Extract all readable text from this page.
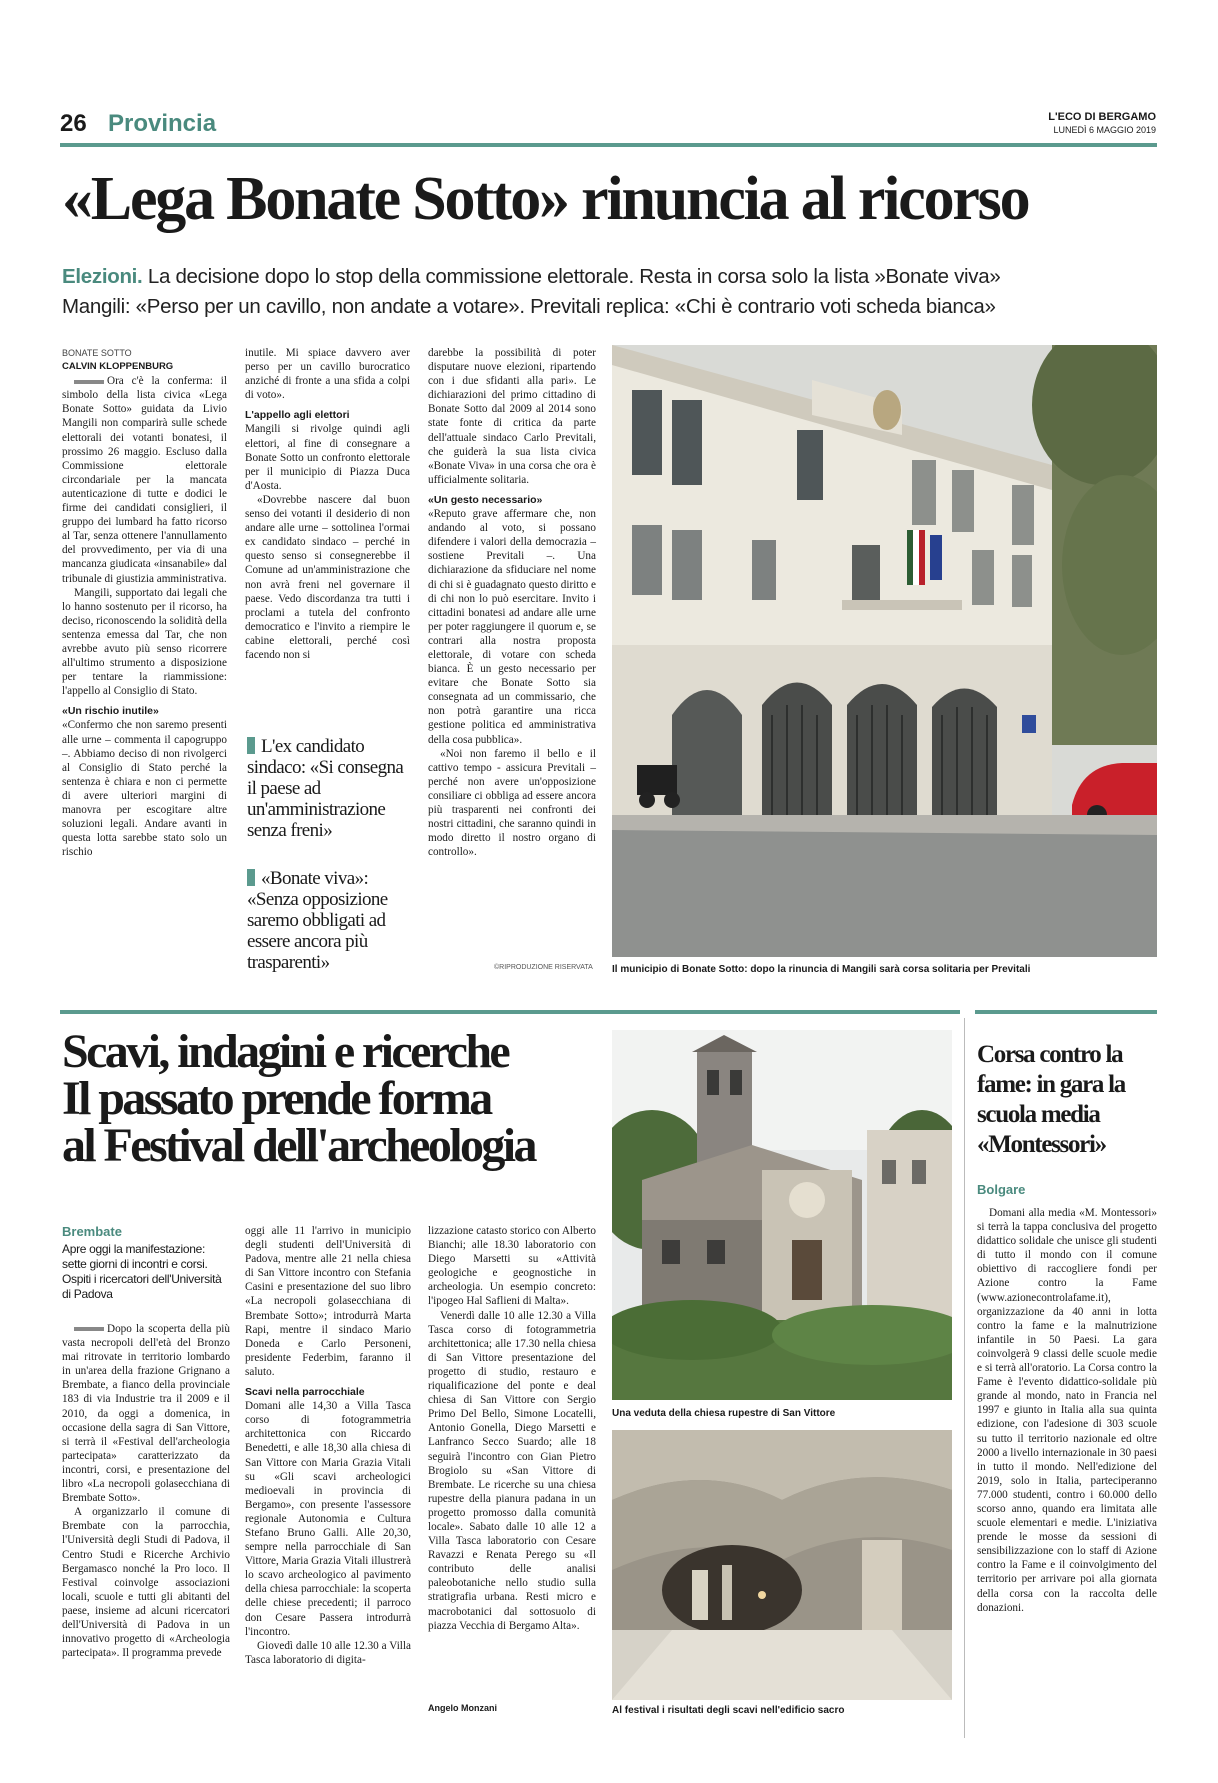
26 Provincia	L'ECO DI BERGAMO
LUNEDÌ 6 MAGGIO 2019
«Lega Bonate Sotto» rinuncia al ricorso
Elezioni. La decisione dopo lo stop della commissione elettorale. Resta in corsa solo la lista »Bonate viva»
Mangili: «Perso per un cavillo, non andate a votare». Previtali replica: «Chi è contrario voti scheda bianca»
BONATE SOTTO
CALVIN KLOPPENBURG

Ora c'è la conferma: il simbolo della lista civica «Lega Bonate Sotto» guidata da Livio Mangili non comparirà sulle schede elettorali dei votanti bonatesi, il prossimo 26 maggio. Escluso dalla Commissione elettorale circondariale per la mancata autenticazione di tutte e dodici le firme dei candidati consiglieri, il gruppo dei lumbard ha fatto ricorso al Tar, senza ottenere l'annullamento del provvedimento, per via di una mancanza giudicata «insanabile» dal tribunale di giustizia amministrativa.

Mangili, supportato dai legali che lo hanno sostenuto per il ricorso, ha deciso, riconoscendo la solidità della sentenza emessa dal Tar, che non avrebbe avuto più senso ricorrere all'ultimo strumento a disposizione per tentare la riammissione: l'appello al Consiglio di Stato.

«Un rischio inutile»

«Confermo che non saremo presenti alle urne – commenta il capogruppo –. Abbiamo deciso di non rivolgerci al Consiglio di Stato perché la sentenza è chiara e non ci permette di avere ulteriori margini di manovra per escogitare altre soluzioni legali. Andare avanti in questa lotta sarebbe stato solo un rischio

inutile. Mi spiace davvero aver perso per un cavillo burocratico anziché di fronte a una sfida a colpi di voto».

L'appello agli elettori

Mangili si rivolge quindi agli elettori, al fine di consegnare a Bonate Sotto un confronto elettorale per il municipio di Piazza Duca d'Aosta.

«Dovrebbe nascere dal buon senso dei votanti il desiderio di non andare alle urne – sottolinea l'ormai ex candidato sindaco – perché in questo senso si consegnerebbe il Comune ad un'amministrazione che non avrà freni nel governare il paese. Vedo discordanza tra tutti i proclami a tutela del confronto democratico e l'invito a riempire le cabine elettorali, perché così facendo non si

L'ex candidato sindaco: «Si consegna il paese ad un'amministrazione senza freni»
«Bonate viva»: «Senza opposizione saremo obbligati ad essere ancora più trasparenti»

darebbe la possibilità di poter disputare nuove elezioni, ripartendo con i due sfidanti alla pari». Le dichiarazioni del primo cittadino di Bonate Sotto dal 2009 al 2014 sono state fonte di critica da parte dell'attuale sindaco Carlo Previtali, che guiderà la sua lista civica «Bonate Viva» in una corsa che ora è ufficialmente solitaria.

«Un gesto necessario»

«Reputo grave affermare che, non andando al voto, si possano difendere i valori della democrazia – sostiene Previtali –. Una dichiarazione da sfiduciare nel nome di chi si è guadagnato questo diritto e di chi non lo può esercitare. Invito i cittadini bonatesi ad andare alle urne per poter raggiungere il quorum e, se contrari alla nostra proposta elettorale, di votare con scheda bianca. È un gesto necessario per evitare che Bonate Sotto sia consegnata ad un commissario, che non potrà garantire una ricca gestione politica ed amministrativa della cosa pubblica».

«Noi non faremo il bello e il cattivo tempo - assicura Previtali – perché non avere un'opposizione consiliare ci obbliga ad essere ancora più trasparenti nei confronti dei nostri cittadini, che saranno quindi in modo diretto il nostro organo di controllo».

©RIPRODUZIONE RISERVATA Il municipio di Bonate Sotto: dopo la rinuncia di Mangili sarà corsa solitaria per Previtali
Scavi, indagini e ricerche
Il passato prende forma
al Festival dell'archeologia
Brembate
Apre oggi la manifestazione: sette giorni di incontri e corsi. Ospiti i ricercatori dell'Università di Padova

Dopo la scoperta della più vasta necropoli dell'età del Bronzo mai ritrovate in territorio lombardo in un'area della frazione Grignano a Brembate, a fianco della provinciale 183 di via Industrie tra il 2009 e il 2010, da oggi a domenica, in occasione della sagra di San Vittore, si terrà il «Festival dell'archeologia partecipata» caratterizzato da incontri, corsi, e presentazione del libro «La necropoli golasecchiana di Brembate Sotto».

A organizzarlo il comune di Brembate con la parrocchia, l'Università degli Studi di Padova, il Centro Studi e Ricerche Archivio Bergamasco nonché la Pro loco. Il Festival coinvolge associazioni locali, scuole e tutti gli abitanti del paese, insieme ad alcuni ricercatori dell'Università di Padova in un innovativo progetto di «Archeologia partecipata». Il programma prevede

oggi alle 11 l'arrivo in municipio degli studenti dell'Università di Padova, mentre alle 21 nella chiesa di San Vittore incontro con Stefania Casini e presentazione del suo libro «La necropoli golasecchiana di Brembate Sotto»; introdurrà Marta Rapi, mentre il sindaco Mario Doneda e Carlo Personeni, presidente Federbim, faranno il saluto.

Scavi nella parrocchiale

Domani alle 14,30 a Villa Tasca corso di fotogrammetria architettonica con Riccardo Benedetti, e alle 18,30 alla chiesa di San Vittore con Maria Grazia Vitali su «Gli scavi archeologici medioevali in provincia di Bergamo», con presente l'assessore regionale Autonomia e Cultura Stefano Bruno Galli. Alle 20,30, sempre nella parrocchiale di San Vittore, Maria Grazia Vitali illustrerà lo scavo archeologico al pavimento della chiesa parrocchiale: la scoperta delle chiese precedenti; il parroco don Cesare Passera introdurrà l'incontro.

Giovedì dalle 10 alle 12.30 a Villa Tasca laboratorio di digita-

lizzazione catasto storico con Alberto Bianchi; alle 18.30 laboratorio con Diego Marsetti su «Attività geologiche e geognostiche in archeologia. Un esempio concreto: l'ipogeo Hal Saflieni di Malta».

Venerdì dalle 10 alle 12.30 a Villa Tasca corso di fotogrammetria architettonica; alle 17.30 nella chiesa di San Vittore presentazione del progetto di studio, restauro e riqualificazione del ponte e deal chiesa di San Vittore con Sergio Primo Del Bello, Simone Locatelli, Antonio Gonella, Diego Marsetti e Lanfranco Secco Suardo; alle 18 seguirà l'incontro con Gian Pietro Brogiolo su «San Vittore di Brembate. Le ricerche su una chiesa rupestre della pianura padana in un progetto promosso dalla comunità locale». Sabato dalle 10 alle 12 a Villa Tasca laboratorio con Cesare Ravazzi e Renata Perego su «Il contributo delle analisi paleobotaniche nello studio sulla stratigrafia urbana. Resti micro e macrobotanici dal sottosuolo di piazza Vecchia di Bergamo Alta».

Angelo Monzani
Una veduta della chiesa rupestre di San Vittore
Al festival i risultati degli scavi nell'edificio sacro
Corsa contro la fame: in gara la scuola media «Montessori»
Bolgare

Domani alla media «M. Montessori» si terrà la tappa conclusiva del progetto didattico solidale che unisce gli studenti di tutto il mondo con il comune obiettivo di raccogliere fondi per Azione contro la Fame (www.azionecontrolafame.it), organizzazione da 40 anni in lotta contro la fame e la malnutrizione infantile in 50 Paesi. La gara coinvolgerà 9 classi delle scuole medie e si terrà all'oratorio. La Corsa contro la Fame è l'evento didattico-solidale più grande al mondo, nato in Francia nel 1997 e giunto in Italia alla sua quinta edizione, con l'adesione di 303 scuole su tutto il territorio nazionale ed oltre 2000 a livello internazionale in 30 paesi in tutto il mondo. Nell'edizione del 2019, solo in Italia, parteciperanno 77.000 studenti, contro i 60.000 dello scorso anno, quando era limitata alle scuole elementari e medie. L'iniziativa prende le mosse da sessioni di sensibilizzazione con lo staff di Azione contro la Fame e il coinvolgimento del territorio per arrivare poi alla giornata della corsa con la raccolta delle donazioni.
